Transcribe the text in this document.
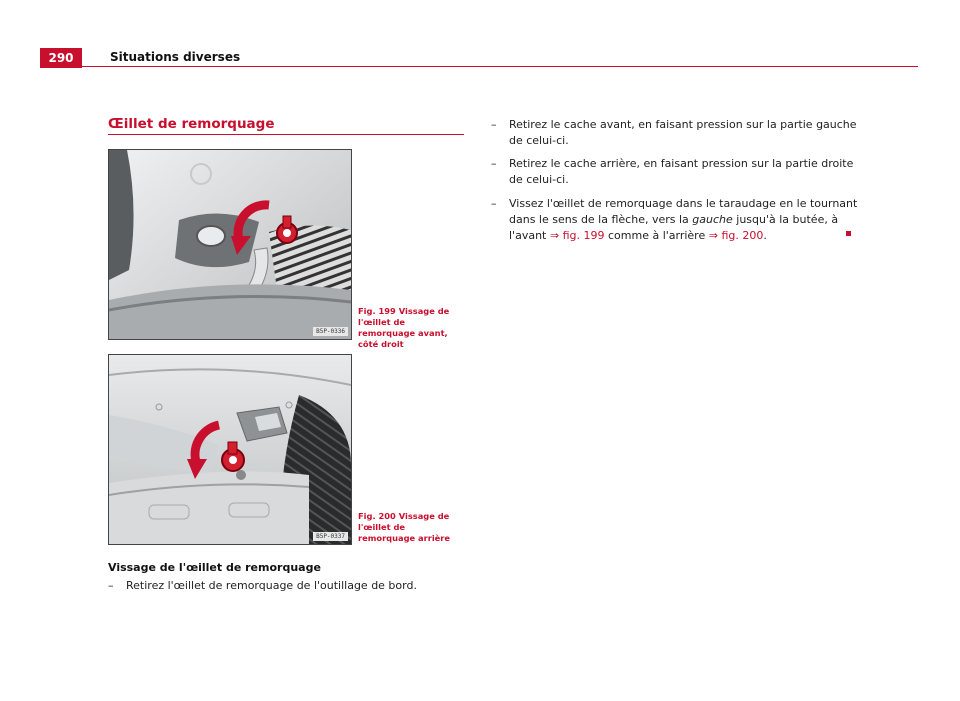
290	Situations diverses
Œillet de remorquage
B5P-0336
Fig. 199 Vissage de l'œillet de remorquage avant, côté droit
B5P-0337
Fig. 200 Vissage de l'œillet de remorquage arrière
Vissage de l'œillet de remorquage
– Retirez l'œillet de remorquage de l'outillage de bord.
– Retirez le cache avant, en faisant pression sur la partie gauche de celui-ci.
– Retirez le cache arrière, en faisant pression sur la partie droite de celui-ci.
– Vissez l'œillet de remorquage dans le taraudage en le tournant dans le sens de la flèche, vers la gauche jusqu'à la butée, à l'avant ⇒ fig. 199 comme à l'arrière ⇒ fig. 200.
